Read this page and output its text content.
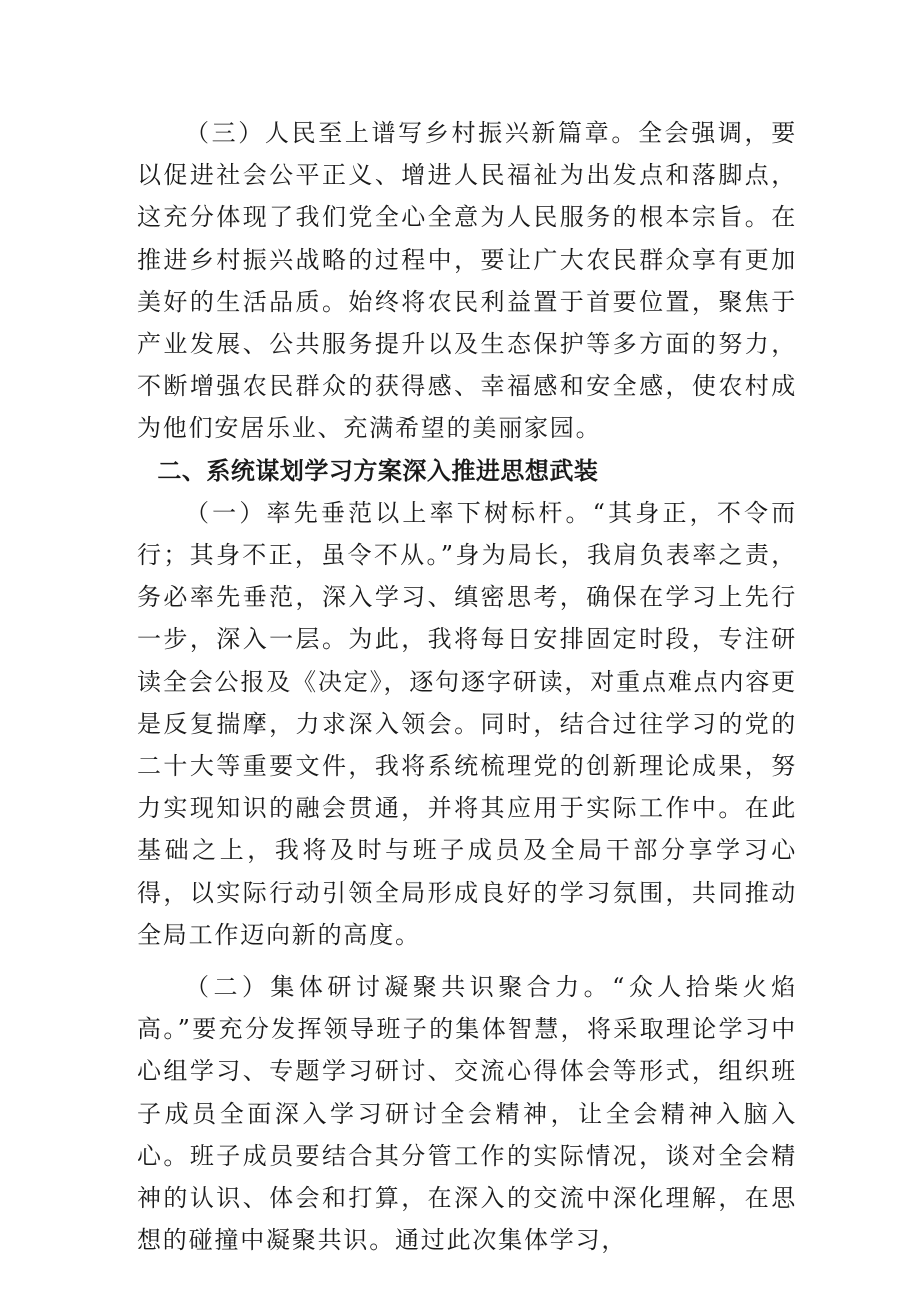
（三）人民至上谱写乡村振兴新篇章。全会强调，要以促进社会公平正义、增进人民福祉为出发点和落脚点，这充分体现了我们党全心全意为人民服务的根本宗旨。在推进乡村振兴战略的过程中，要让广大农民群众享有更加美好的生活品质。始终将农民利益置于首要位置，聚焦于产业发展、公共服务提升以及生态保护等多方面的努力，不断增强农民群众的获得感、幸福感和安全感，使农村成为他们安居乐业、充满希望的美丽家园。

二、系统谋划学习方案深入推进思想武装

（一）率先垂范以上率下树标杆。“其身正，不令而行；其身不正，虽令不从。”身为局长，我肩负表率之责，务必率先垂范，深入学习、缜密思考，确保在学习上先行一步，深入一层。为此，我将每日安排固定时段，专注研读全会公报及《决定》，逐句逐字研读，对重点难点内容更是反复揣摩，力求深入领会。同时，结合过往学习的党的二十大等重要文件，我将系统梳理党的创新理论成果，努力实现知识的融会贯通，并将其应用于实际工作中。在此基础之上，我将及时与班子成员及全局干部分享学习心得，以实际行动引领全局形成良好的学习氛围，共同推动全局工作迈向新的高度。

（二）集体研讨凝聚共识聚合力。“众人拾柴火焰高。”要充分发挥领导班子的集体智慧，将采取理论学习中心组学习、专题学习研讨、交流心得体会等形式，组织班子成员全面深入学习研讨全会精神，让全会精神入脑入心。班子成员要结合其分管工作的实际情况，谈对全会精神的认识、体会和打算，在深入的交流中深化理解，在思想的碰撞中凝聚共识。通过此次集体学习，
